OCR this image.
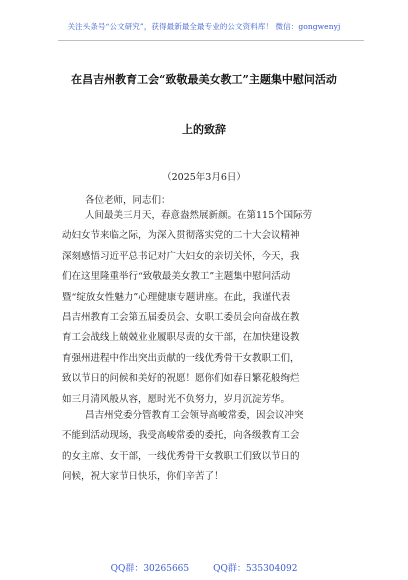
关注头条号“公文研究”，获得最新最全最专业的公文资料库！ 微信：gongwenyj
在昌吉州教育工会“致敬最美女教工”主题集中慰问活动
上的致辞
（2025年3月6日）
各位老师，同志们：
人间最美三月天，春意盎然展新颜。在第115个国际劳
动妇女节来临之际，为深入贯彻落实党的二十大会议精神
深刻感悟习近平总书记对广大妇女的亲切关怀，今天，我
们在这里隆重举行“致敬最美女教工”主题集中慰问活动
暨“绽放女性魅力”心理健康专题讲座。在此，我谨代表
昌吉州教育工会第五届委员会、女职工委员会向奋战在教
育工会战线上兢兢业业履职尽责的女干部，在加快建设教
育强州进程中作出突出贡献的一线优秀骨干女教职工们，
致以节日的问候和美好的祝愿！愿你们如春日繁花般绚烂
如三月清风般从容，愿时光不负努力，岁月沉淀芳华。
昌吉州党委分管教育工会领导高峻常委，因会议冲突
不能到活动现场，我受高峻常委的委托，向各级教育工会
的女主席、女干部，一线优秀骨干女教职工们致以节日的
问候，祝大家节日快乐，你们辛苦了！
QQ群：30265665	QQ群：535304092
